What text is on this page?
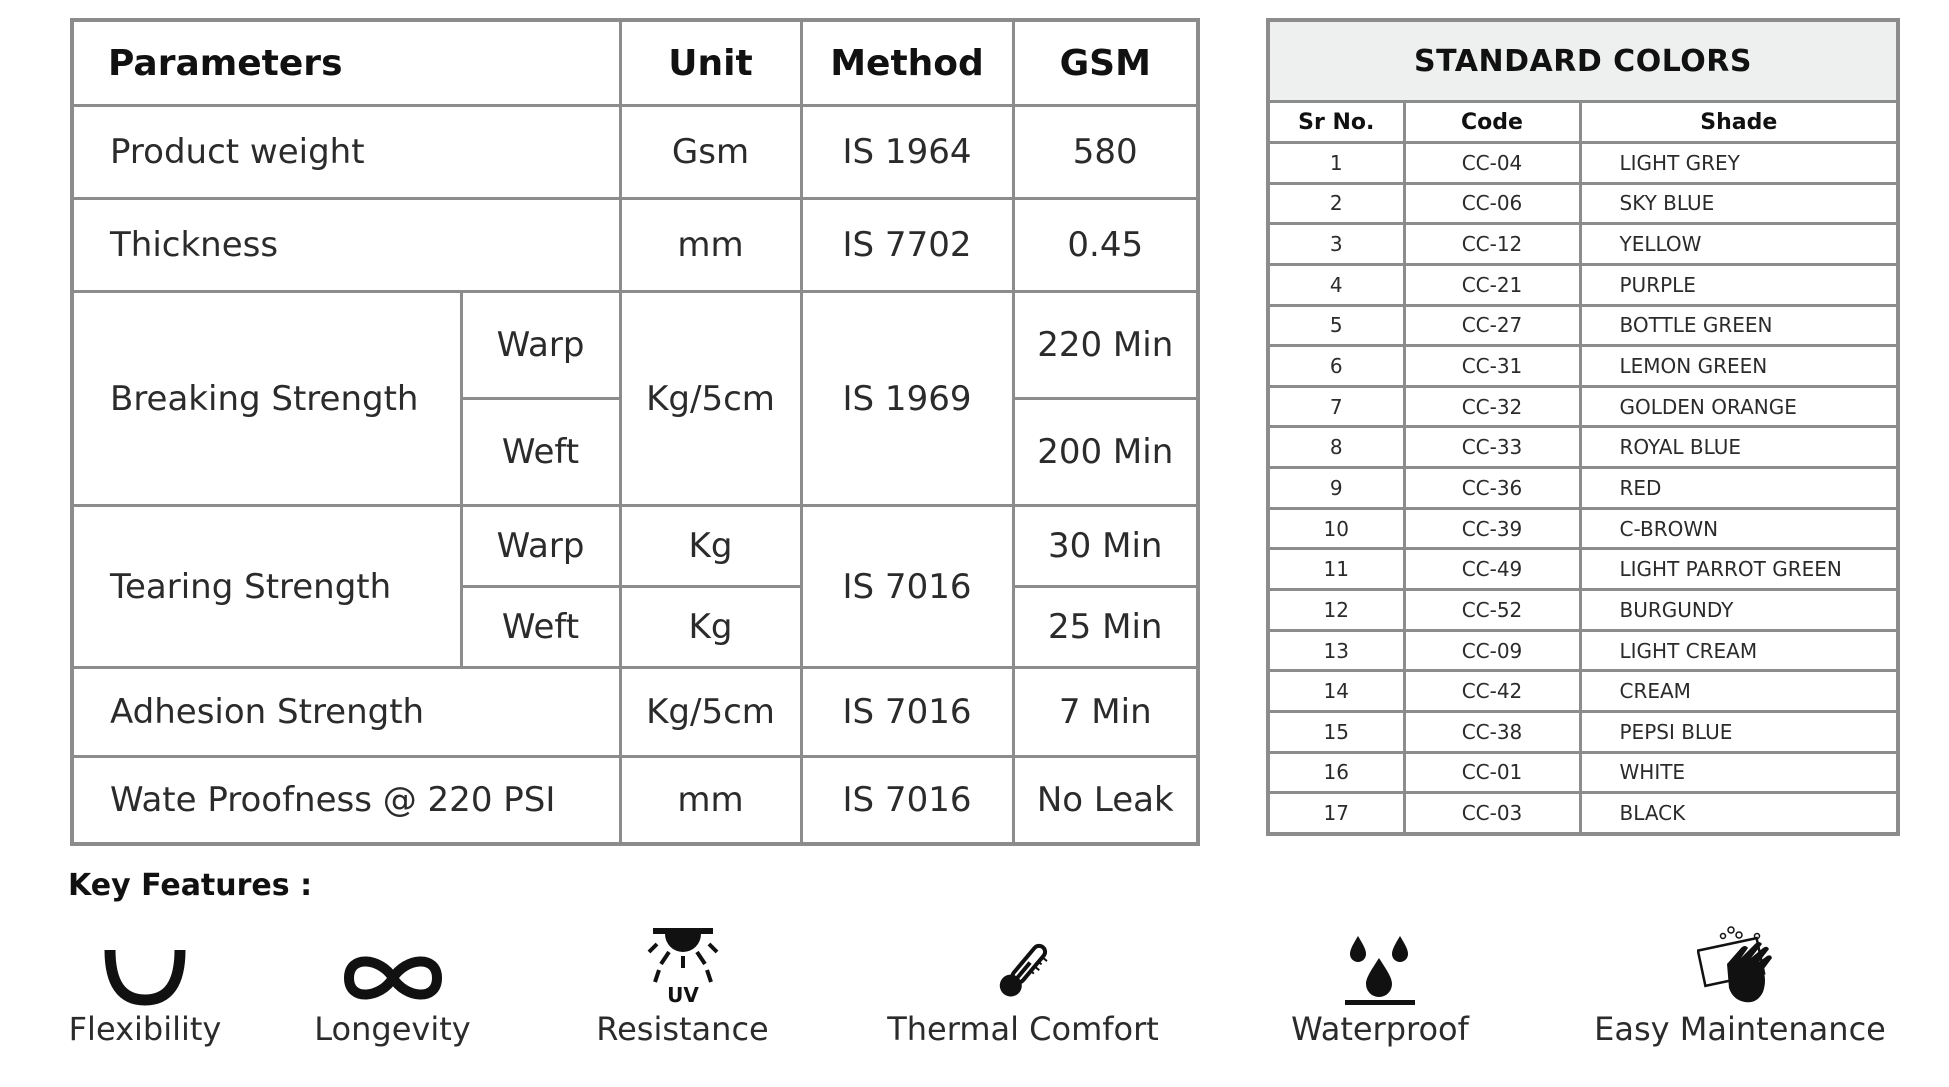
Parameters		Unit	Method	GSM
Product weight		Gsm	IS 1964	580
Thickness		mm	IS 7702	0.45
Breaking Strength	Warp	Kg/5cm	IS 1969	220 Min
	Weft			200 Min
Tearing Strength	Warp	Kg	IS 7016	30 Min
	Weft	Kg		25 Min
Adhesion Strength		Kg/5cm	IS 7016	7 Min
Wate Proofness @ 220 PSI		mm	IS 7016	No Leak
STANDARD COLORS		
Sr No.	Code	Shade
1	CC-04	LIGHT GREY
2	CC-06	SKY BLUE
3	CC-12	YELLOW
4	CC-21	PURPLE
5	CC-27	BOTTLE GREEN
6	CC-31	LEMON GREEN
7	CC-32	GOLDEN ORANGE
8	CC-33	ROYAL BLUE
9	CC-36	RED
10	CC-39	C-BROWN
11	CC-49	LIGHT PARROT GREEN
12	CC-52	BURGUNDY
13	CC-09	LIGHT CREAM
14	CC-42	CREAM
15	CC-38	PEPSI BLUE
16	CC-01	WHITE
17	CC-03	BLACK
Key Features :
Flexibility	Longevity
UV
Resistance	Thermal Comfort	Waterproof	Easy Maintenance
